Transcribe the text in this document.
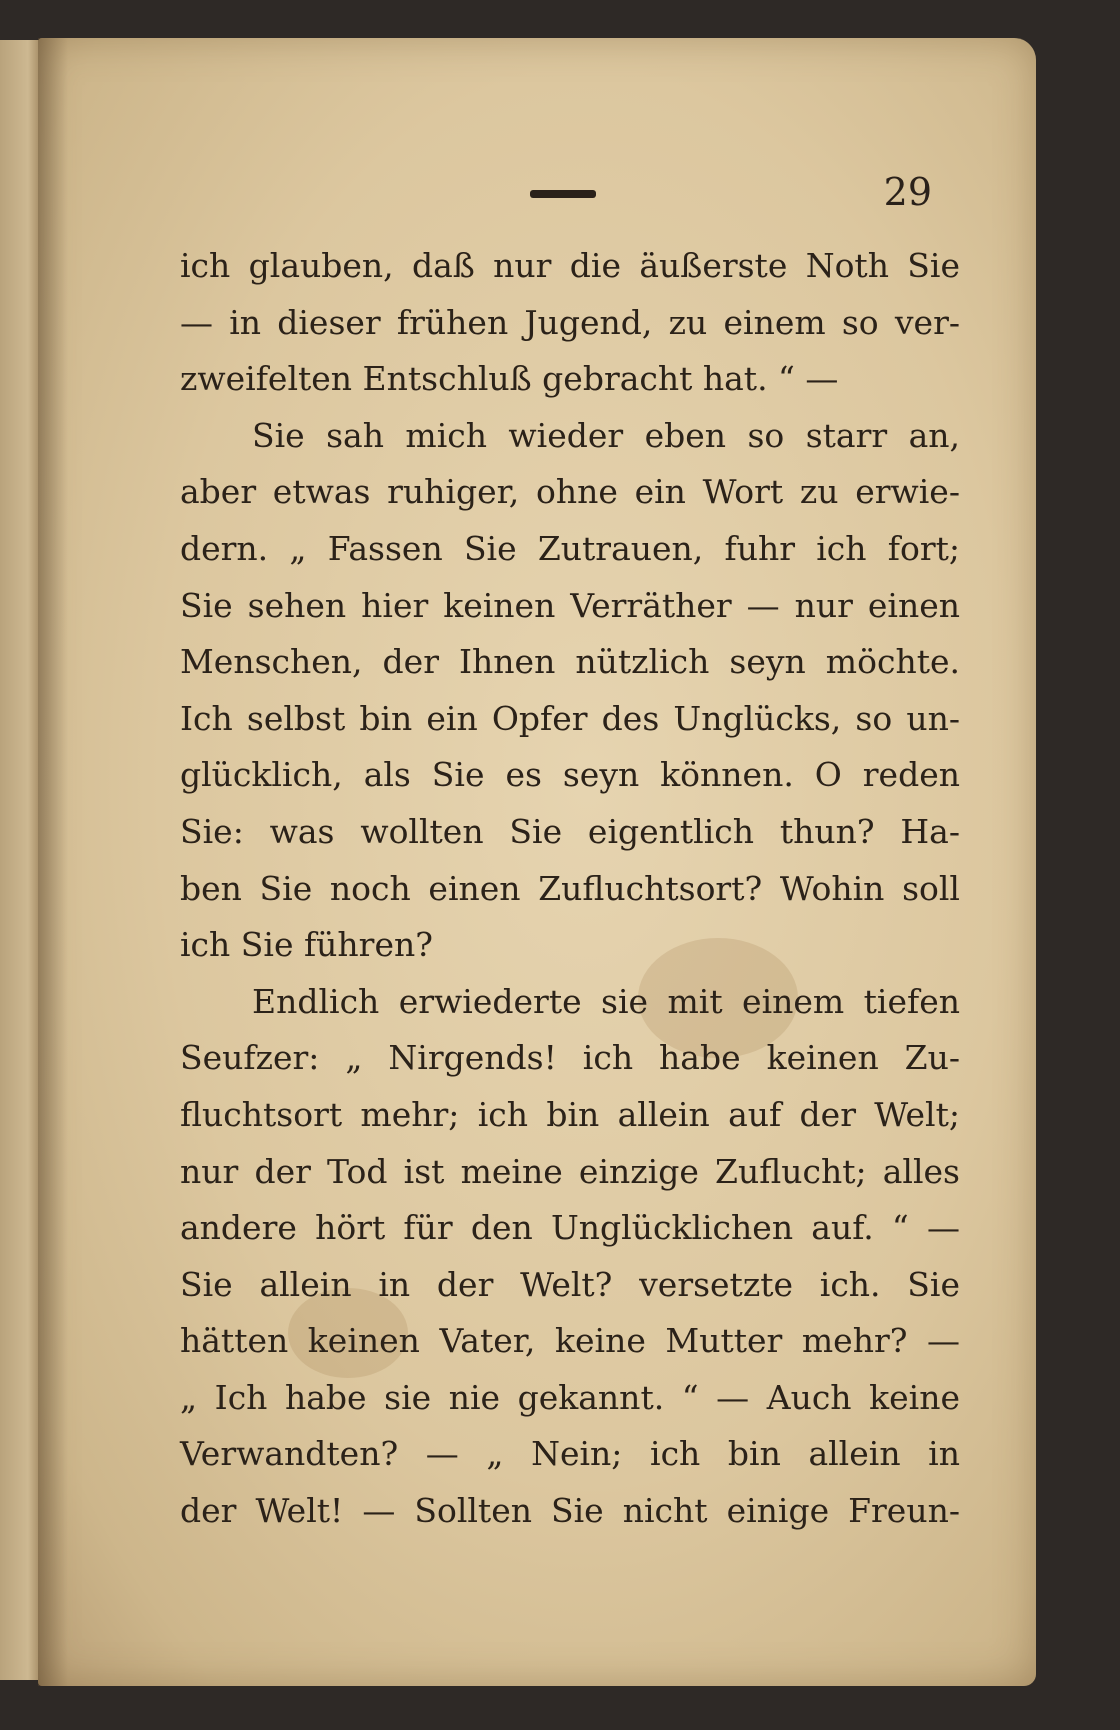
29
ich glauben, daß nur die äußerste Noth Sie
— in dieser frühen Jugend, zu einem so ver-
zweifelten Entschluß gebracht hat. “ —
Sie sah mich wieder eben so starr an,
aber etwas ruhiger, ohne ein Wort zu erwie-
dern. „ Fassen Sie Zutrauen, fuhr ich fort;
Sie sehen hier keinen Verräther — nur einen
Menschen, der Ihnen nützlich seyn möchte.
Ich selbst bin ein Opfer des Unglücks, so un-
glücklich, als Sie es seyn können. O reden
Sie: was wollten Sie eigentlich thun? Ha-
ben Sie noch einen Zufluchtsort? Wohin soll
ich Sie führen?
Endlich erwiederte sie mit einem tiefen
Seufzer: „ Nirgends! ich habe keinen Zu-
fluchtsort mehr; ich bin allein auf der Welt;
nur der Tod ist meine einzige Zuflucht; alles
andere hört für den Unglücklichen auf. “ —
Sie allein in der Welt? versetzte ich. Sie
hätten keinen Vater, keine Mutter mehr? —
„ Ich habe sie nie gekannt. “ — Auch keine
Verwandten? — „ Nein; ich bin allein in
der Welt! — Sollten Sie nicht einige Freun-
